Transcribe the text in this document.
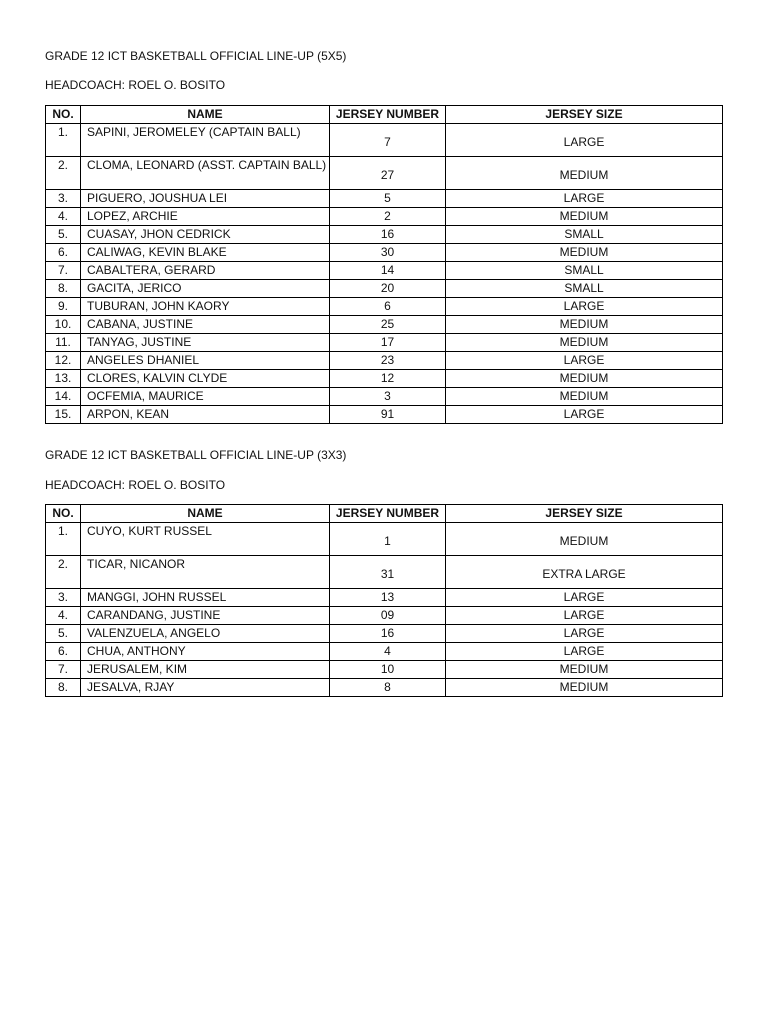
GRADE 12 ICT BASKETBALL OFFICIAL LINE-UP (5X5)

HEADCOACH: ROEL O. BOSITO

NO.	NAME	JERSEY NUMBER	JERSEY SIZE
1.	SAPINI, JEROMELEY (CAPTAIN BALL)	7	LARGE
2.	CLOMA, LEONARD (ASST. CAPTAIN BALL)	27	MEDIUM
3.	PIGUERO, JOUSHUA LEI	5	LARGE
4.	LOPEZ, ARCHIE	2	MEDIUM
5.	CUASAY, JHON CEDRICK	16	SMALL
6.	CALIWAG, KEVIN BLAKE	30	MEDIUM
7.	CABALTERA, GERARD	14	SMALL
8.	GACITA, JERICO	20	SMALL
9.	TUBURAN, JOHN KAORY	6	LARGE
10.	CABANA, JUSTINE	25	MEDIUM
11.	TANYAG, JUSTINE	17	MEDIUM
12.	ANGELES DHANIEL	23	LARGE
13.	CLORES, KALVIN CLYDE	12	MEDIUM
14.	OCFEMIA, MAURICE	3	MEDIUM
15.	ARPON, KEAN	91	LARGE

GRADE 12 ICT BASKETBALL OFFICIAL LINE-UP (3X3)

HEADCOACH: ROEL O. BOSITO

NO.	NAME	JERSEY NUMBER	JERSEY SIZE
1.	CUYO, KURT RUSSEL	1	MEDIUM
2.	TICAR, NICANOR	31	EXTRA LARGE
3.	MANGGI, JOHN RUSSEL	13	LARGE
4.	CARANDANG, JUSTINE	09	LARGE
5.	VALENZUELA, ANGELO	16	LARGE
6.	CHUA, ANTHONY	4	LARGE
7.	JERUSALEM, KIM	10	MEDIUM
8.	JESALVA, RJAY	8	MEDIUM
